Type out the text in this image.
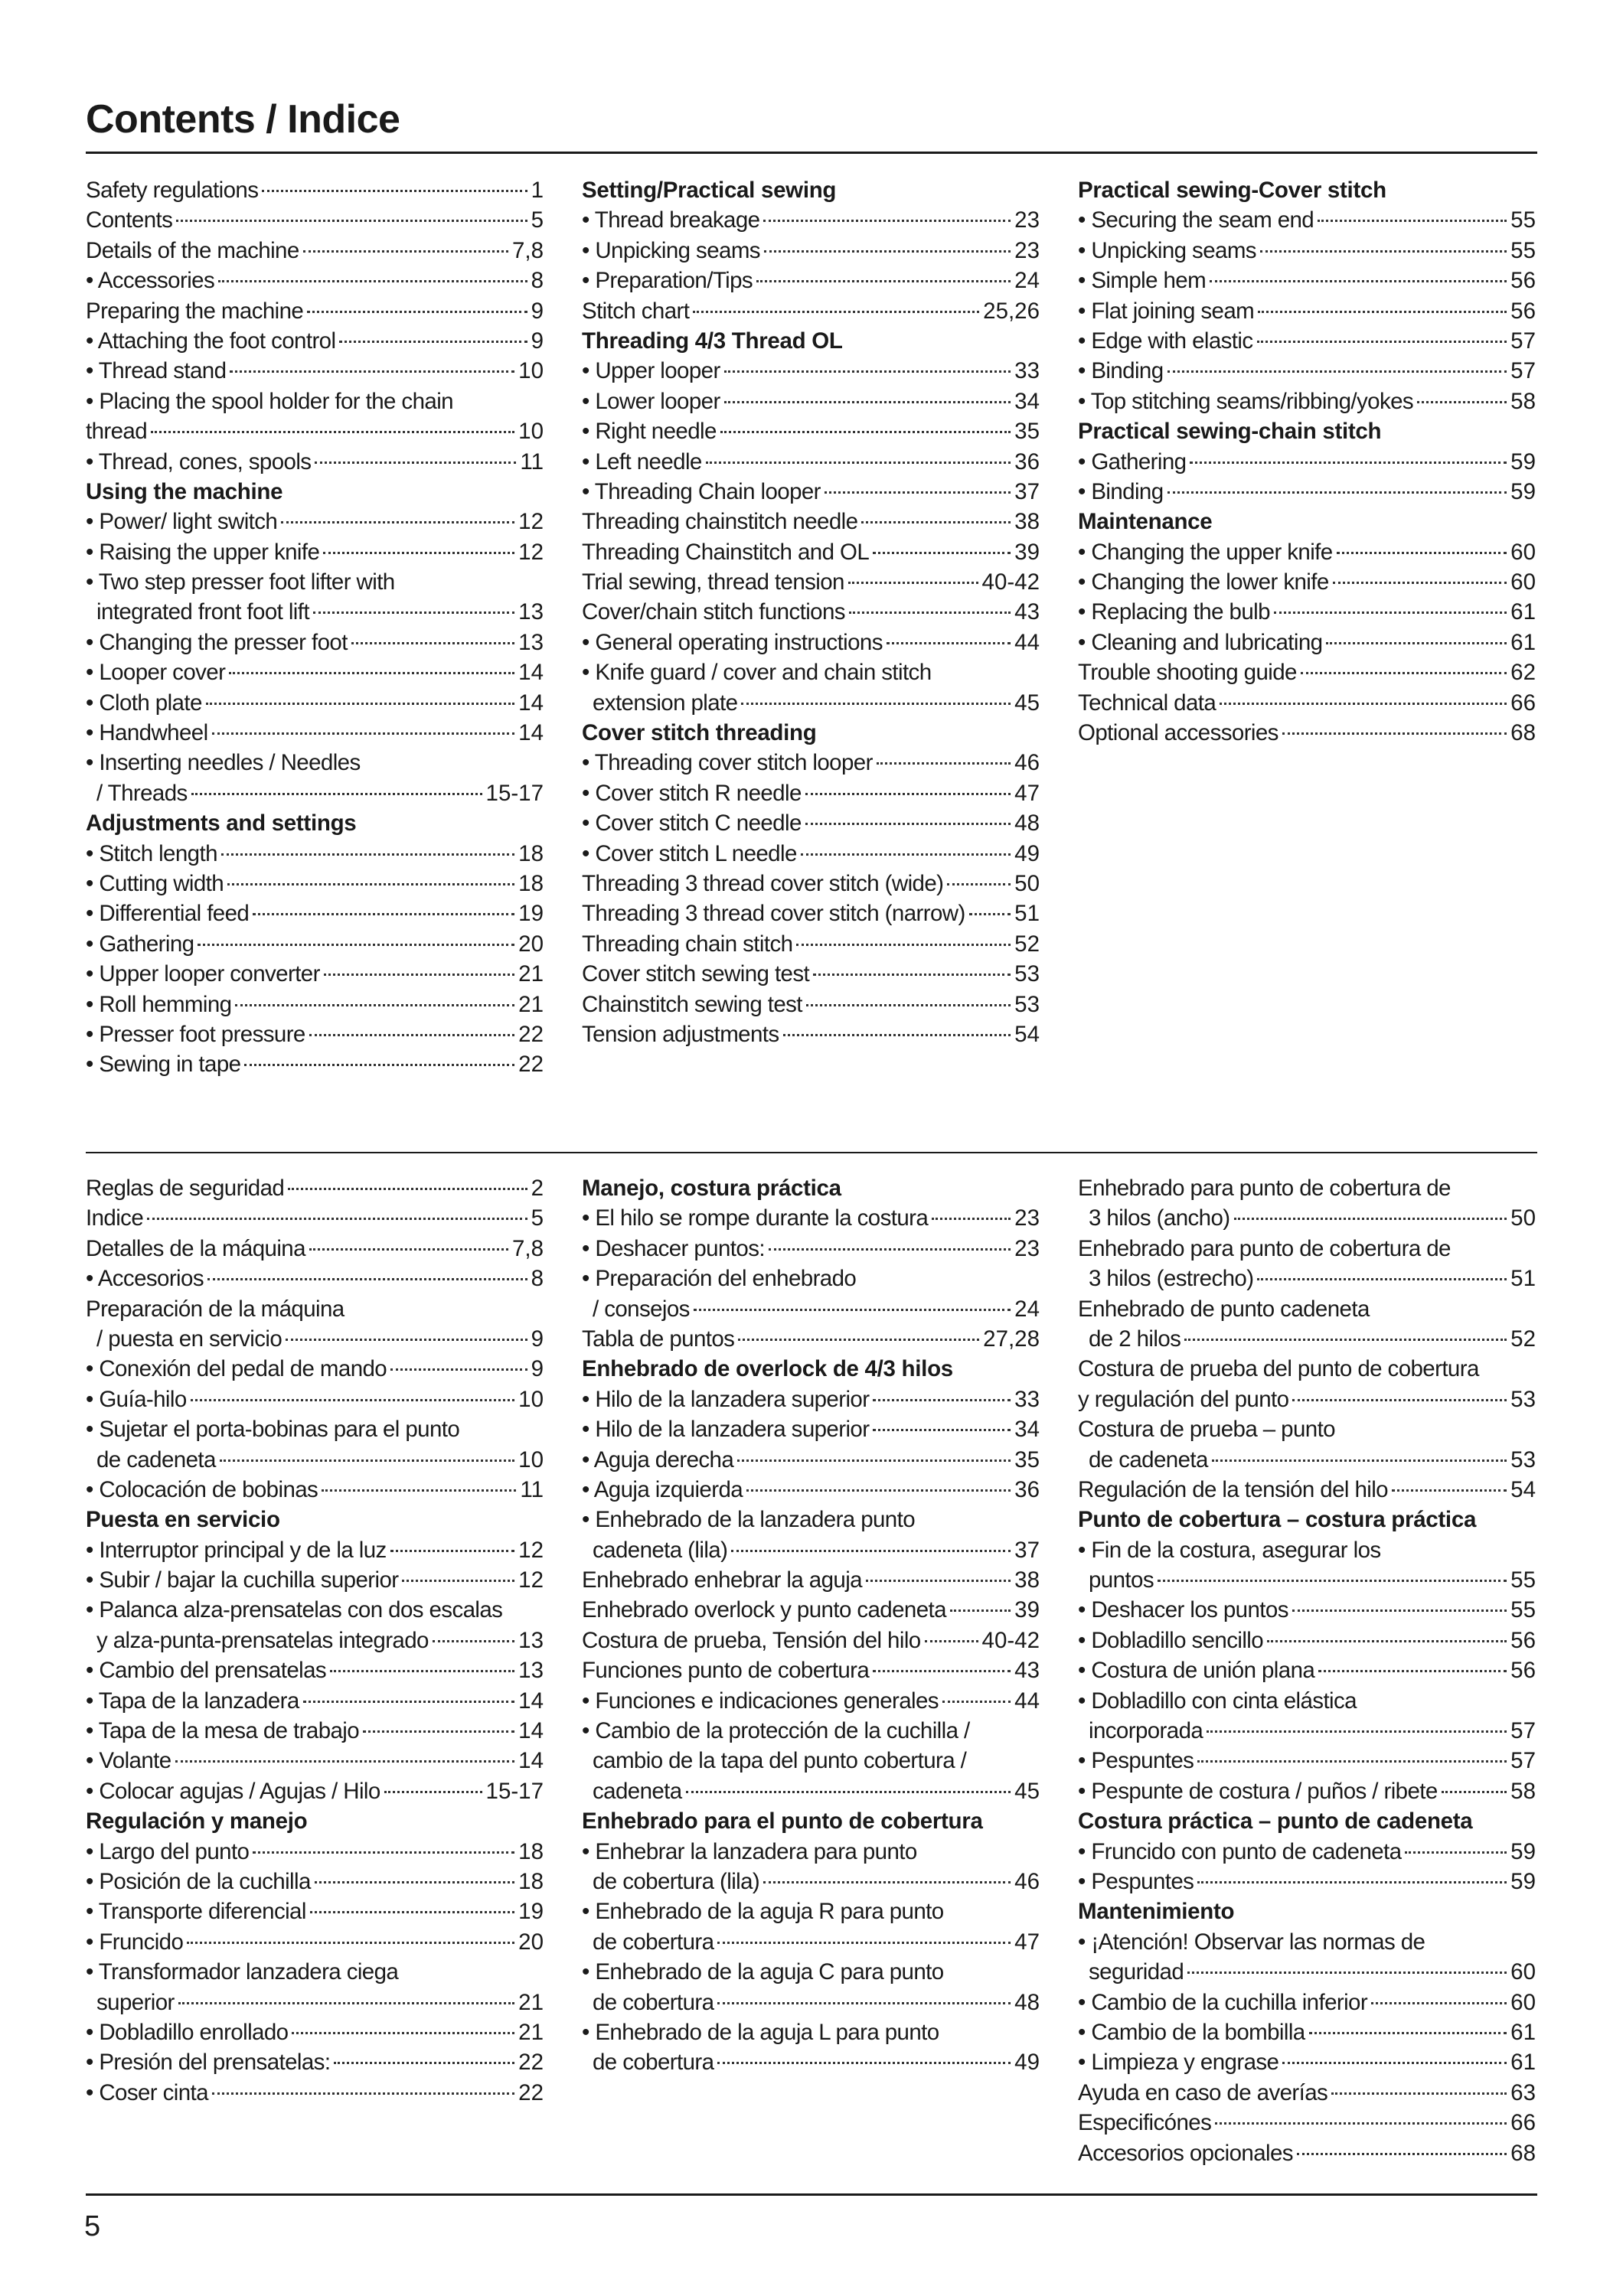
Contents / Indice
Safety regulations	1
Contents	5
Details of the machine	7,8
• Accessories	8
Preparing the machine	9
• Attaching the foot control	9
• Thread stand	10
• Placing the spool holder for the chain
thread	10
• Thread, cones, spools	11
Using the machine
• Power/ light switch	12
• Raising the upper knife	12
• Two step presser foot lifter with
integrated front foot lift	13
• Changing the presser foot	13
• Looper cover	14
• Cloth plate	14
• Handwheel	14
• Inserting needles / Needles
/ Threads	15-17
Adjustments and settings
• Stitch length	18
• Cutting width	18
• Differential feed	19
• Gathering	20
• Upper looper converter	21
• Roll hemming	21
• Presser foot pressure	22
• Sewing in tape	22
Setting/Practical sewing
• Thread breakage	23
• Unpicking seams	23
• Preparation/Tips	24
Stitch chart	25,26
Threading 4/3 Thread OL
• Upper looper	33
• Lower looper	34
• Right needle	35
• Left needle	36
• Threading Chain looper	37
Threading chainstitch needle	38
Threading Chainstitch and OL	39
Trial sewing, thread tension	40-42
Cover/chain stitch functions	43
• General operating instructions	44
• Knife guard / cover and chain stitch
extension plate	45
Cover stitch threading
• Threading cover stitch looper	46
• Cover stitch R needle	47
• Cover stitch C needle	48
• Cover stitch L needle	49
Threading 3 thread cover stitch (wide)	50
Threading 3 thread cover stitch (narrow) 51
Threading chain stitch	52
Cover stitch sewing test	53
Chainstitch sewing test	53
Tension adjustments	54
Practical sewing-Cover stitch
• Securing the seam end	55
• Unpicking seams	55
• Simple hem	56
• Flat joining seam	56
• Edge with elastic	57
• Binding	57
• Top stitching seams/ribbing/yokes	58
Practical sewing-chain stitch
• Gathering	59
• Binding	59
Maintenance
• Changing the upper knife	60
• Changing the lower knife	60
• Replacing the bulb	61
• Cleaning and lubricating	61
Trouble shooting guide	62
Technical data	66
Optional accessories	68
Reglas de seguridad	2
Indice	5
Detalles de la máquina	7,8
• Accesorios	8
Preparación de la máquina
/ puesta en servicio	9
• Conexión del pedal de mando	9
• Guía-hilo	10
• Sujetar el porta-bobinas para el punto
de cadeneta	10
• Colocación de bobinas	11
Puesta en servicio
• Interruptor principal y de la luz	12
• Subir / bajar la cuchilla superior	12
• Palanca alza-prensatelas con dos escalas
y alza-punta-prensatelas integrado	13
• Cambio del prensatelas	13
• Tapa de la lanzadera	14
• Tapa de la mesa de trabajo	14
• Volante	14
• Colocar agujas / Agujas / Hilo	15-17
Regulación y manejo
• Largo del punto	18
• Posición de la cuchilla	18
• Transporte diferencial	19
• Fruncido	20
• Transformador lanzadera ciega
superior	21
• Dobladillo enrollado	21
• Presión del prensatelas:	22
• Coser cinta	22
Manejo, costura práctica
• El hilo se rompe durante la costura	23
• Deshacer puntos:	23
• Preparación del enhebrado
/ consejos	24
Tabla de puntos	27,28
Enhebrado de overlock de 4/3 hilos
• Hilo de la lanzadera superior	33
• Hilo de la lanzadera superior	34
• Aguja derecha	35
• Aguja izquierda	36
• Enhebrado de la lanzadera punto
cadeneta (lila)	37
Enhebrado enhebrar la aguja	38
Enhebrado overlock y punto cadeneta	39
Costura de prueba, Tensión del hilo	40-42
Funciones punto de cobertura	43
• Funciones e indicaciones generales	44
• Cambio de la protección de la cuchilla /
cambio de la tapa del punto cobertura /
cadeneta	45
Enhebrado para el punto de cobertura
• Enhebrar la lanzadera para punto
de cobertura (lila)	46
• Enhebrado de la aguja R para punto
de cobertura	47
• Enhebrado de la aguja C para punto
de cobertura	48
• Enhebrado de la aguja L para punto
de cobertura	49
Enhebrado para punto de cobertura de
3 hilos (ancho)	50
Enhebrado para punto de cobertura de
3 hilos (estrecho)	51
Enhebrado de punto cadeneta
de 2 hilos	52
Costura de prueba del punto de cobertura
y regulación del punto	53
Costura de prueba – punto
de cadeneta	53
Regulación de la tensión del hilo	54
Punto de cobertura – costura práctica
• Fin de la costura, asegurar los
puntos	55
• Deshacer los puntos	55
• Dobladillo sencillo	56
• Costura de unión plana	56
• Dobladillo con cinta elástica
incorporada	57
• Pespuntes	57
• Pespunte de costura / puños / ribete	58
Costura práctica – punto de cadeneta
• Fruncido con punto de cadeneta	59
• Pespuntes	59
Mantenimiento
• ¡Atención! Observar las normas de
seguridad	60
• Cambio de la cuchilla inferior	60
• Cambio de la bombilla	61
• Limpieza y engrase	61
Ayuda en caso de averías	63
Especificónes	66
Accesorios opcionales	68

5
